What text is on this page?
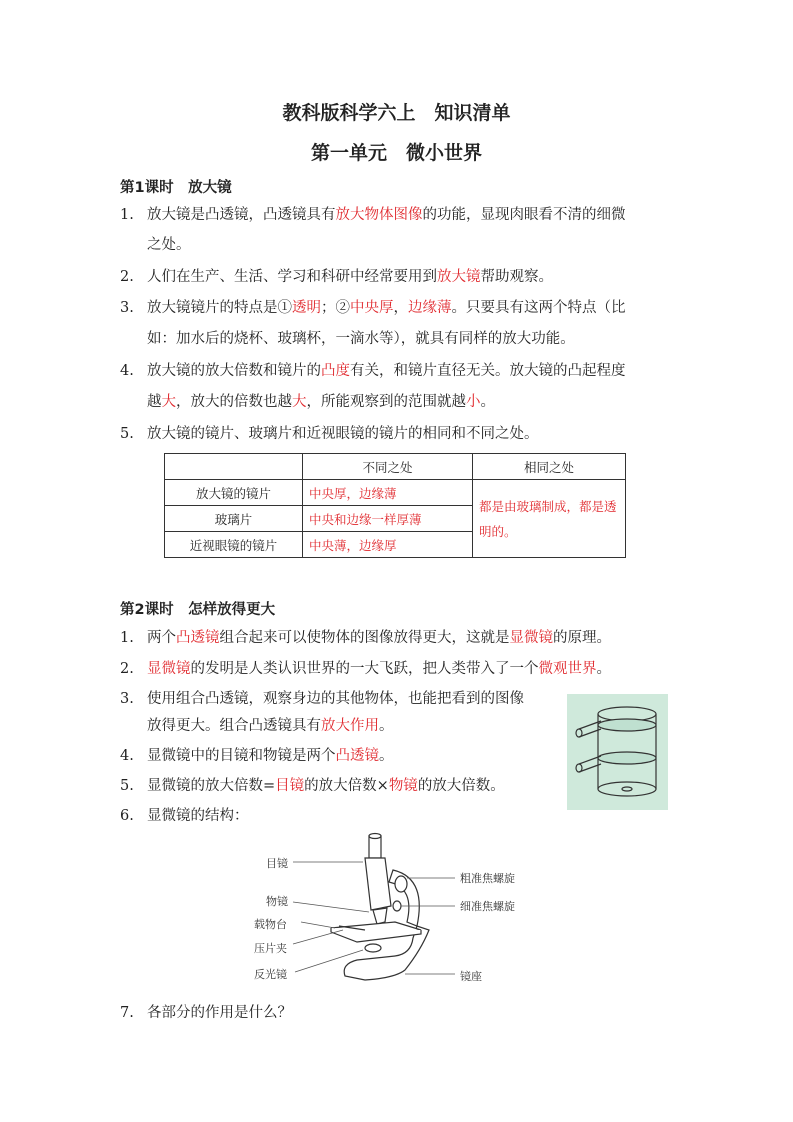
教科版科学六上　知识清单
第一单元　微小世界
第1课时　放大镜
1. 放大镜是凸透镜，凸透镜具有放大物体图像的功能，显现肉眼看不清的细微
之处。
2. 人们在生产、生活、学习和科研中经常要用到放大镜帮助观察。
3. 放大镜镜片的特点是①透明；②中央厚，边缘薄。只要具有这两个特点（比
如：加水后的烧杯、玻璃杯，一滴水等），就具有同样的放大功能。
4. 放大镜的放大倍数和镜片的凸度有关，和镜片直径无关。放大镜的凸起程度
越大，放大的倍数也越大，所能观察到的范围就越小。
5. 放大镜的镜片、玻璃片和近视眼镜的镜片的相同和不同之处。
	不同之处	相同之处
放大镜的镜片	中央厚，边缘薄	都是由玻璃制成，都是透明的。
玻璃片	中央和边缘一样厚薄	
近视眼镜的镜片	中央薄，边缘厚	
第2课时　怎样放得更大
1. 两个凸透镜组合起来可以使物体的图像放得更大，这就是显微镜的原理。
2. 显微镜的发明是人类认识世界的一大飞跃，把人类带入了一个微观世界。
3. 使用组合凸透镜，观察身边的其他物体，也能把看到的图像
放得更大。组合凸透镜具有放大作用。
4. 显微镜中的目镜和物镜是两个凸透镜。
5. 显微镜的放大倍数=目镜的放大倍数×物镜的放大倍数。
6. 显微镜的结构：
目镜
物镜
载物台
压片夹
反光镜
粗准焦螺旋
细准焦螺旋
镜座
7. 各部分的作用是什么？
